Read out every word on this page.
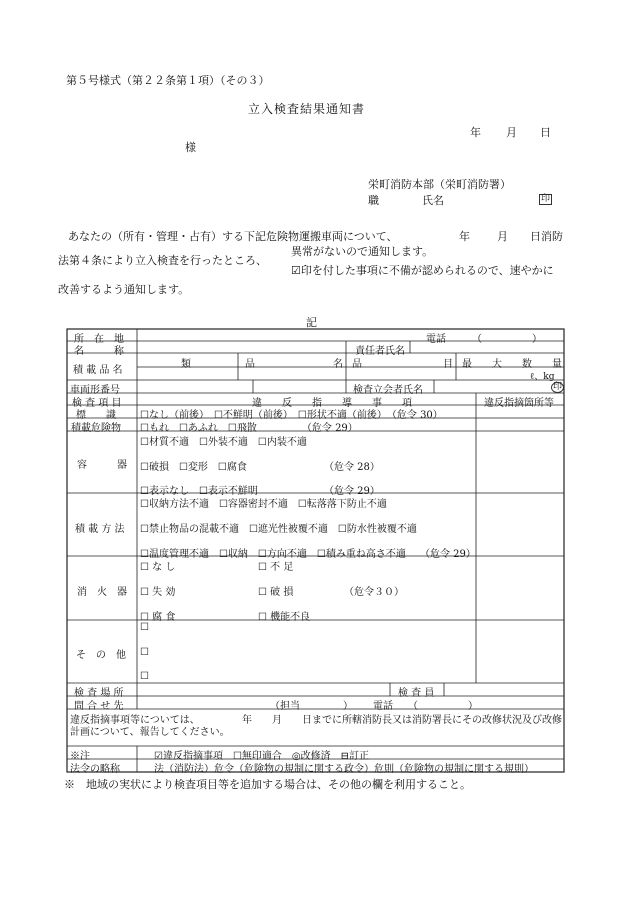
第５号様式（第２２条第１項）（その３）
立入検査結果通知書
年 月 日
様
栄町消防本部（栄町消防署）
職	氏名	印
あなたの（所有・管理・占有）する下記危険物運搬車両について、	年 月 日消防
法第４条により立入検査を行ったところ、
異常がないので通知します。
☑印を付した事項に不備が認められるので、速やかに
改善するよう通知します。
記
所　在　地	電話	（　　　　　）
名　　　称	責任者氏名
積 載 品 名
類	品	名 品	目 最　　大　　数　　量
ℓ、kg
車両形番号	検査立会者氏名	印
検 査 項 目	違　　反　　指　　導　　事　　項	違反指摘箇所等
標　　識 ☐なし（前後）　☐不鮮明（前後）　☐形状不適（前後）　（危令 30）
積載危険物 ☐もれ　☐あふれ　☐飛散　　　　　（危令 29）
容　　　器
☐材質不適　☐外装不適　☐内装不適
☐破損　☐変形　☐腐食	（危令 28）
☐表示なし　☐表示不鮮明	（危令 29）
積 載 方 法
☐収納方法不適　☐容器密封不適　☐転落落下防止不適
☐禁止物品の混載不適　☐遮光性被覆不適　☐防水性被覆不適
☐温度管理不適　☐収納　☐方向不適　☐積み重ね高さ不適 （危令 29）
消　火　器
☐ な し	☐ 不 足
☐ 失 効	☐ 破 損	（危令３０）
☐ 腐 食	☐ 機能不良
そ　の　他
☐
☐
☐
検 査 場 所	検 査 員
問 合 せ 先	（担当	） 電話 （　　　　　）
違反指摘事項等については、	年 月 日までに所轄消防長又は消防署長にその改修状況及び改修
計画について、報告してください。
※注	☑違反指摘事項　☐無印適合　◎改修済　⊟訂正
法令の略称	法（消防法）危令（危険物の規制に関する政令）危則（危険物の規制に関する規則）
※　地域の実状により検査項目等を追加する場合は、その他の欄を利用すること。
